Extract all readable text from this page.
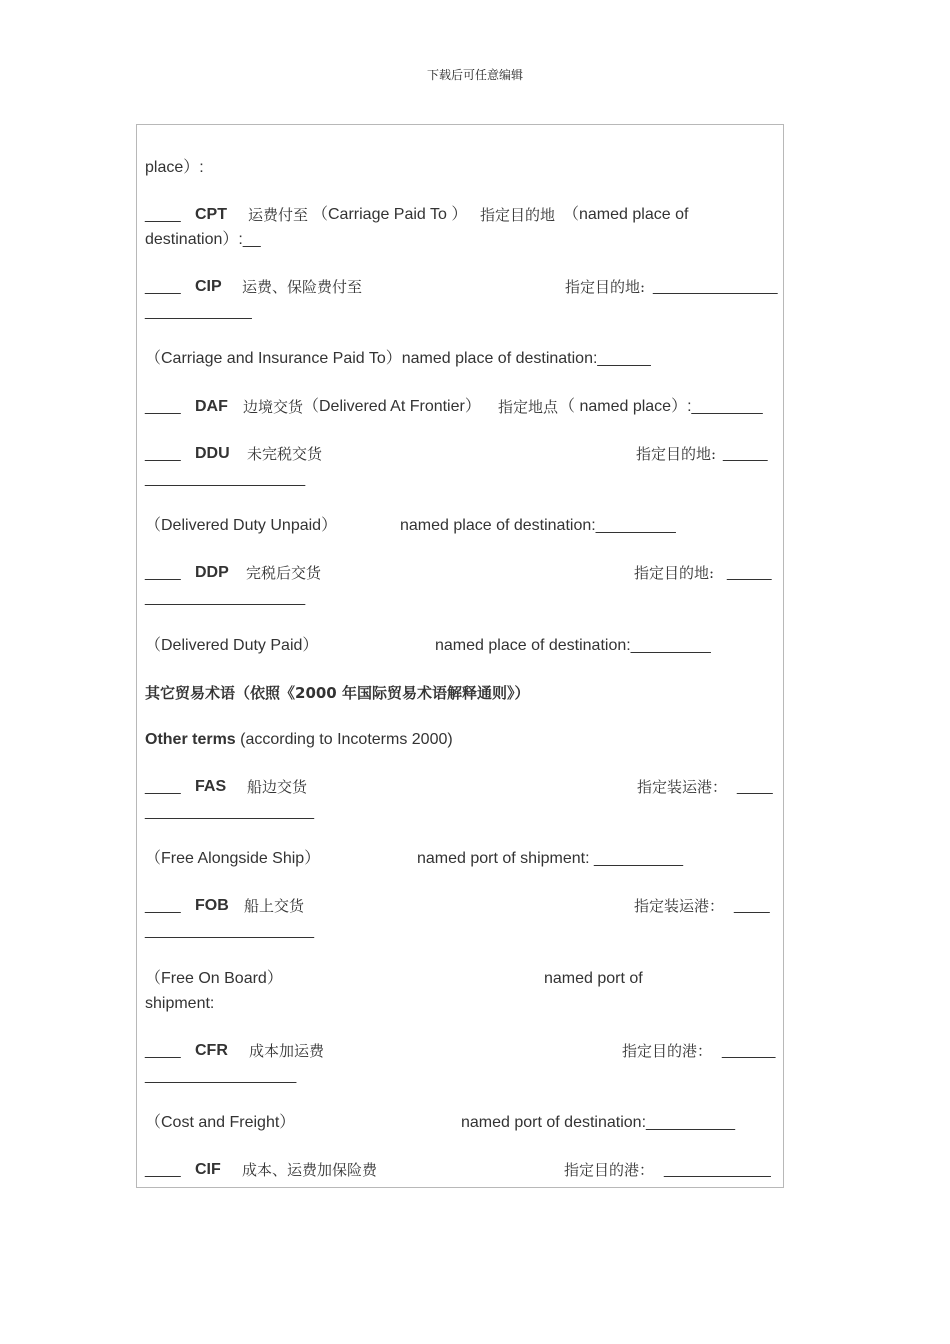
下载后可任意编辑
place）:
____ CPT 运费付至 （Carriage Paid To ） 指定目的地 （named place of
destination）:__
____ CIP 运费、保险费付至	指定目的地: ______________
____________
（Carriage and Insurance Paid To）named place of destination:______
____ DAF 边境交货 （Delivered At Frontier） 指定地点 （ named place）:________
____ DDU 未完税交货	指定目的地: _____
__________________
（Delivered Duty Unpaid）	named place of destination:_________
____ DDP 完税后交货	指定目的地: _____
__________________
（Delivered Duty Paid）	named place of destination:_________
其它贸易术语（依照《2000 年国际贸易术语解释通则》）
Other terms (according to Incoterms 2000)
____ FAS 船边交货	指定装运港： ____
___________________
（Free Alongside Ship）	named port of shipment: __________
____ FOB 船上交货	指定装运港： ____
___________________
（Free On Board）	named port of
shipment:
____ CFR 成本加运费	指定目的港： ______
_________________
（Cost and Freight）	named port of destination:__________
____ CIF 成本、运费加保险费	指定目的港： ____________
